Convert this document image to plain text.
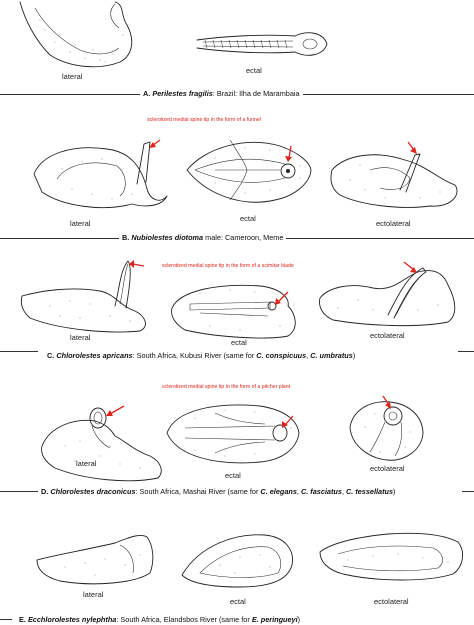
lateral
ectal
A. Perilestes fragilis: Brazil: Ilha de Marambaia
sclerotized medial spine tip in the form of a funnel
lateral
ectal
ectolateral
B. Nubiolestes diotoma male: Cameroon, Meme
sclerotized medial spine tip in the form of a scimitar blade
lateral
ectal
ectolateral
C. Chlorolestes apricans: South Africa, Kubusi River (same for C. conspicuus, C. umbratus)
sclerotized medial spine tip in the form of a pitcher plant
lateral
ectal
ectolateral
D. Chlorolestes draconicus: South Africa, Mashai River (same for C. elegans, C. fasciatus, C. tessellatus)
lateral
ectal	ectolateral
E. Ecchlorolestes nylephtha: South Africa, Elandsbos River (same for E. peringueyi)
